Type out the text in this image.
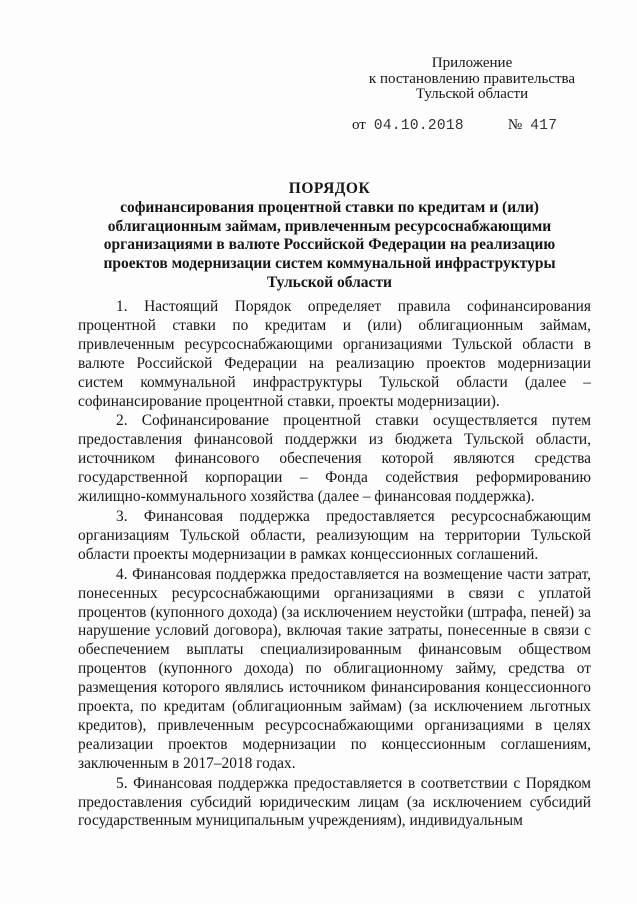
Приложение
к постановлению правительства
Тульской области
от 04.10.2018	№ 417
ПОРЯДОК
софинансирования процентной ставки по кредитам и (или)
облигационным займам, привлеченным ресурсоснабжающими
организациями в валюте Российской Федерации на реализацию
проектов модернизации систем коммунальной инфраструктуры
Тульской области

1. Настоящий Порядок определяет правила софинансирования процентной ставки по кредитам и (или) облигационным займам, привлеченным ресурсоснабжающими организациями Тульской области в валюте Российской Федерации на реализацию проектов модернизации систем коммунальной инфраструктуры Тульской области (далее – софинансирование процентной ставки, проекты модернизации).

2. Софинансирование процентной ставки осуществляется путем предоставления финансовой поддержки из бюджета Тульской области, источником финансового обеспечения которой являются средства государственной корпорации – Фонда содействия реформированию жилищно-коммунального хозяйства (далее – финансовая поддержка).

3. Финансовая поддержка предоставляется ресурсоснабжающим организациям Тульской области, реализующим на территории Тульской области проекты модернизации в рамках концессионных соглашений.

4. Финансовая поддержка предоставляется на возмещение части затрат, понесенных ресурсоснабжающими организациями в связи с уплатой процентов (купонного дохода) (за исключением неустойки (штрафа, пеней) за нарушение условий договора), включая такие затраты, понесенные в связи с обеспечением выплаты специализированным финансовым обществом процентов (купонного дохода) по облигационному займу, средства от размещения которого являлись источником финансирования концессионного проекта, по кредитам (облигационным займам) (за исключением льготных кредитов), привлеченным ресурсоснабжающими организациями в целях реализации проектов модернизации по концессионным соглашениям, заключенным в 2017–2018 годах.

5. Финансовая поддержка предоставляется в соответствии с Порядком предоставления субсидий юридическим лицам (за исключением субсидий государственным муниципальным учреждениям), индивидуальным
